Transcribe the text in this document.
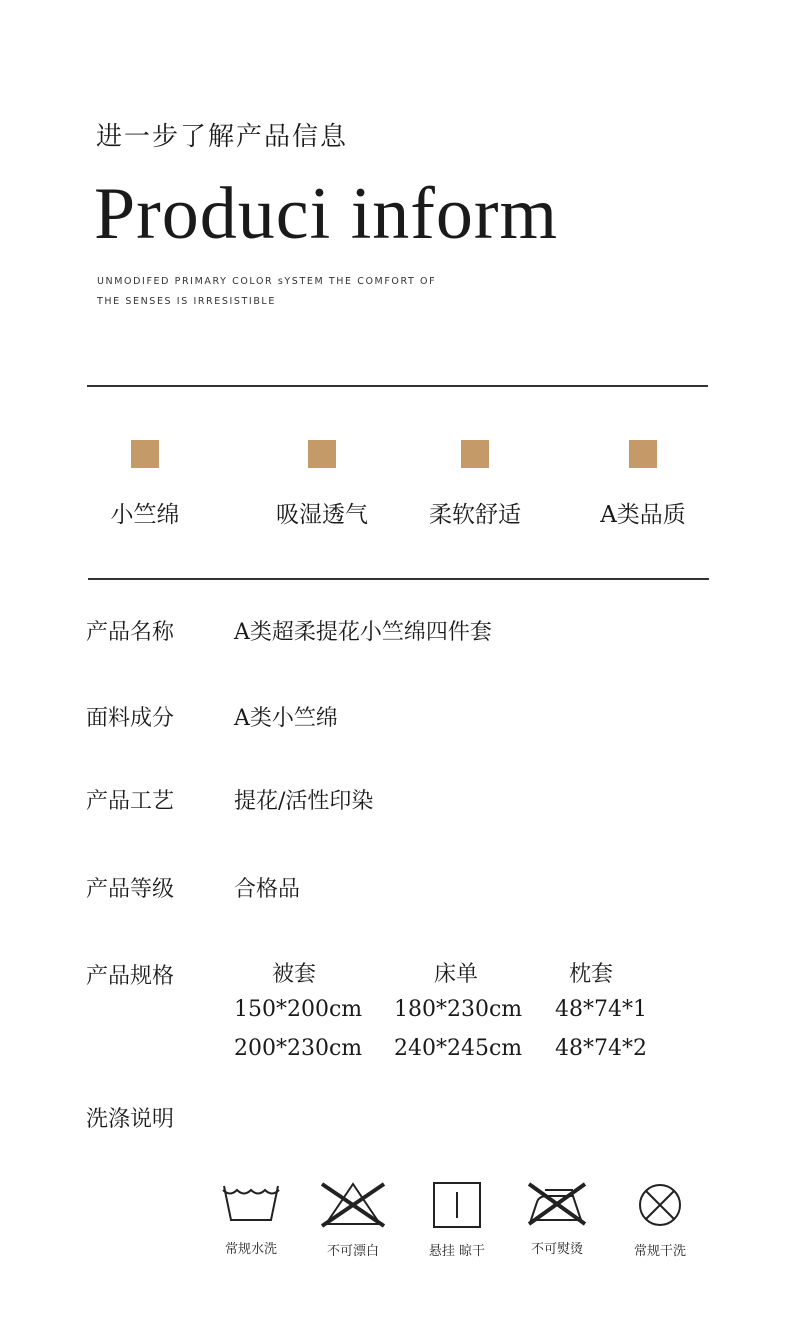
进一步了解产品信息
Produci inform
UNMODIFED PRIMARY COLOR sYSTEM THE COMFORT OF
THE SENSES IS IRRESISTIBLE
小竺绵	吸湿透气	柔软舒适	A类品质
产品名称	A类超柔提花小竺绵四件套
面料成分	A类小竺绵
产品工艺	提花/活性印染
产品等级	合格品
产品规格	被套	床单	枕套
150*200cm 180*230cm 48*74*1
200*230cm 240*245cm 48*74*2
洗涤说明
常规水洗	不可漂白	悬挂 晾干	不可熨烫	常规干洗
